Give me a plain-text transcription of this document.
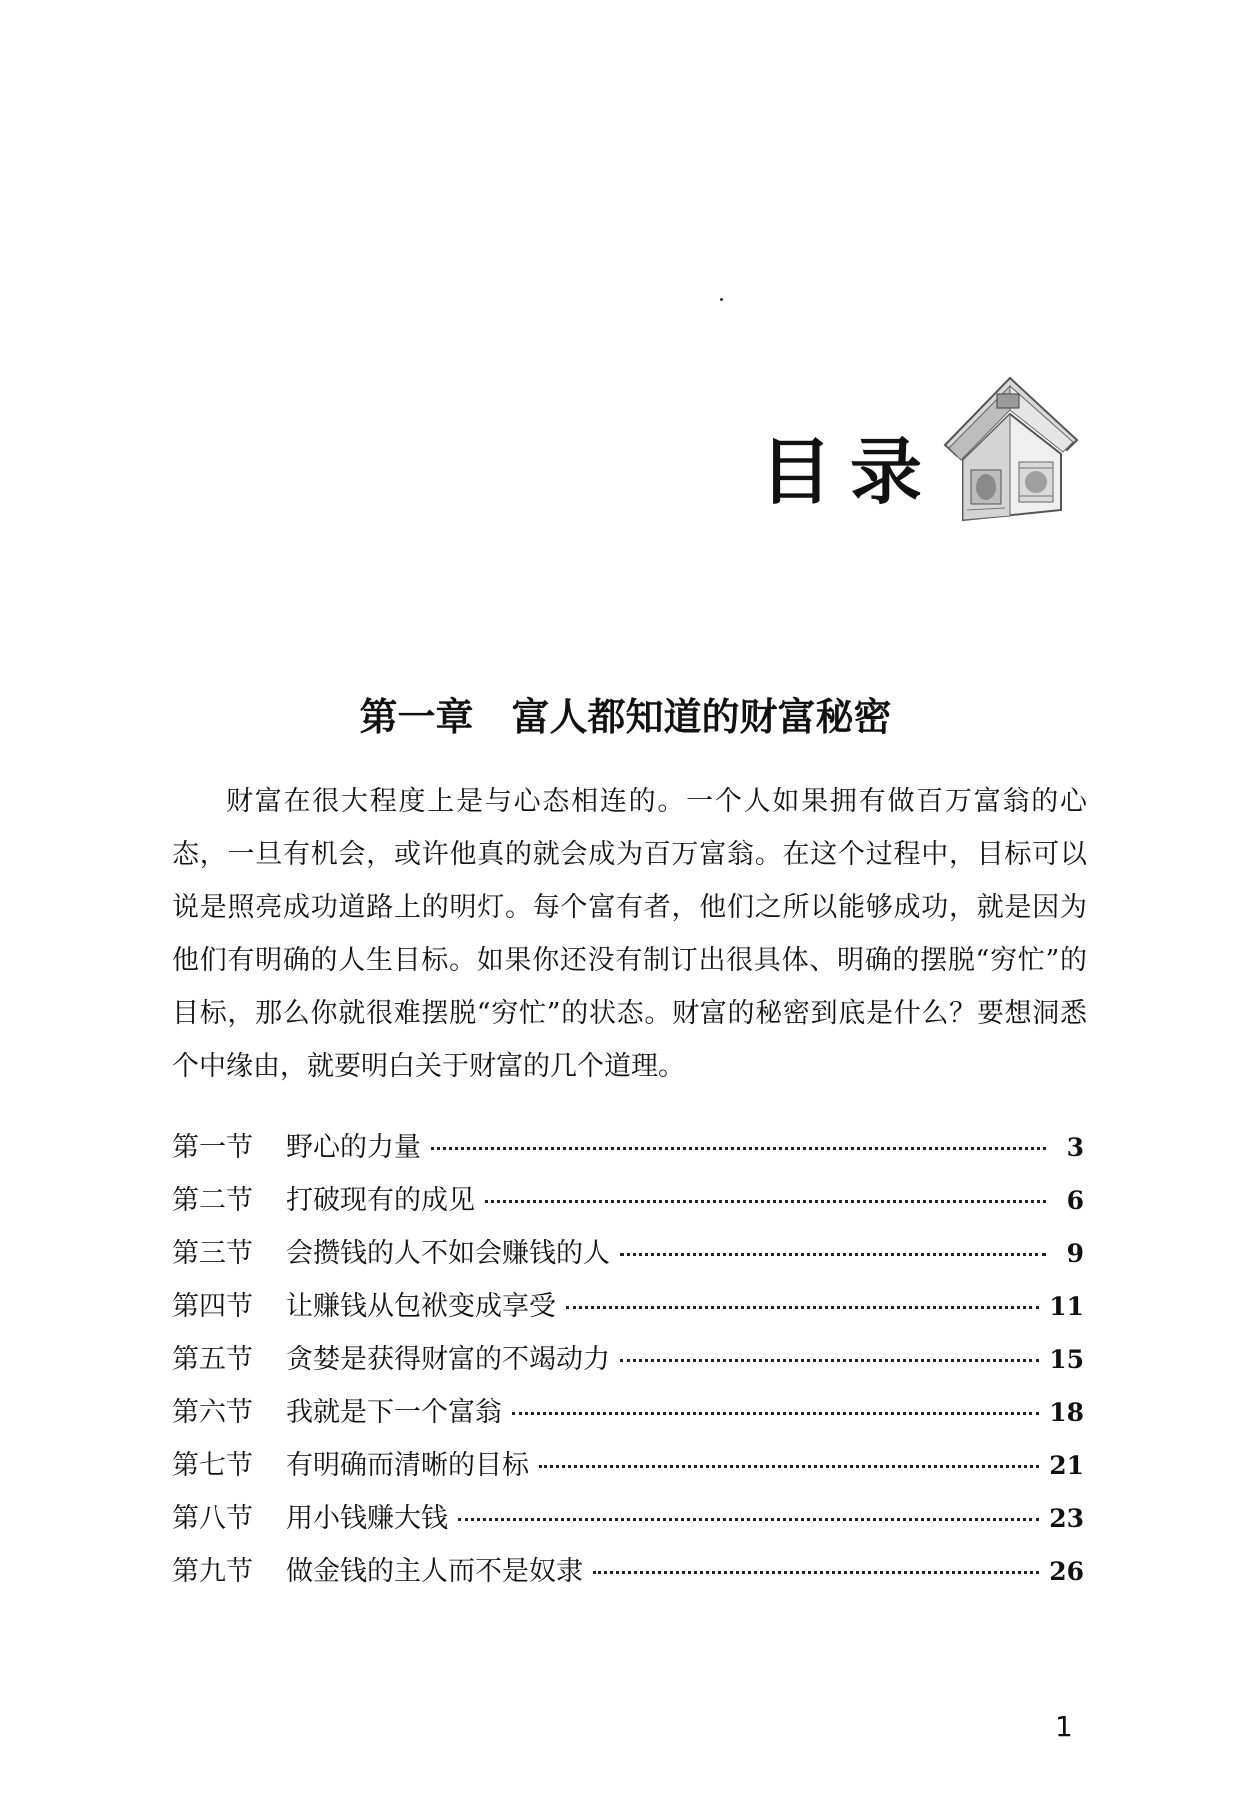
目录
第一章　富人都知道的财富秘密

财富在很大程度上是与心态相连的。一个人如果拥有做百万富翁的心态，一旦有机会，或许他真的就会成为百万富翁。在这个过程中，目标可以说是照亮成功道路上的明灯。每个富有者，他们之所以能够成功，就是因为他们有明确的人生目标。如果你还没有制订出很具体、明确的摆脱“穷忙”的目标，那么你就很难摆脱“穷忙”的状态。财富的秘密到底是什么？要想洞悉个中缘由，就要明白关于财富的几个道理。

第一节	野心的力量	3
第二节	打破现有的成见	6
第三节	会攒钱的人不如会赚钱的人	9
第四节	让赚钱从包袱变成享受	11
第五节	贪婪是获得财富的不竭动力	15
第六节	我就是下一个富翁	18
第七节	有明确而清晰的目标	21
第八节	用小钱赚大钱	23
第九节	做金钱的主人而不是奴隶	26
1
